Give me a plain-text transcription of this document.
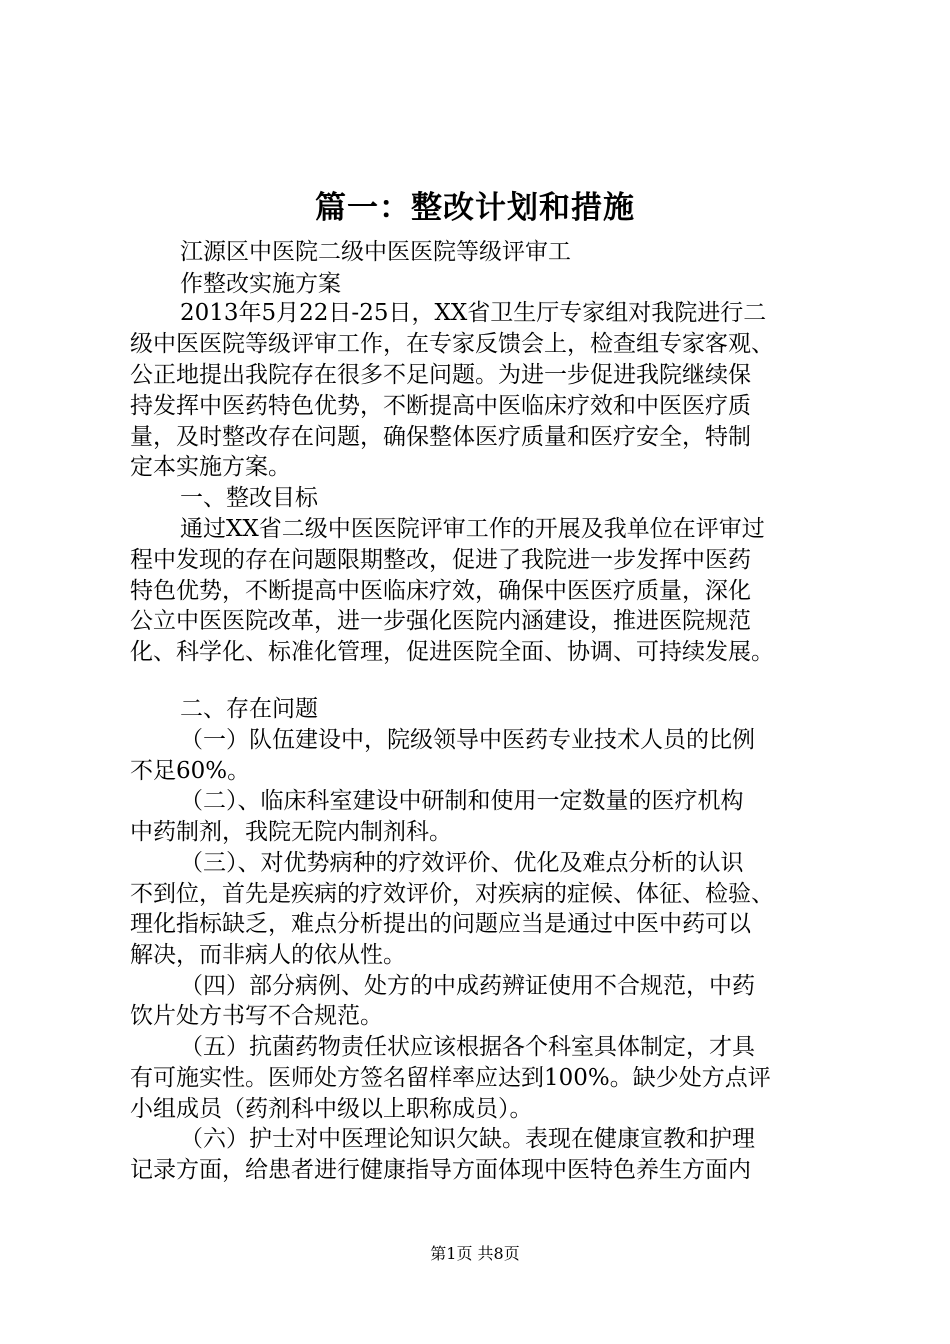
篇一：整改计划和措施

江源区中医院二级中医医院等级评审工

作整改实施方案

2013年5月22日-25日，XX省卫生厅专家组对我院进行二

级中医医院等级评审工作，在专家反馈会上，检查组专家客观、

公正地提出我院存在很多不足问题。为进一步促进我院继续保

持发挥中医药特色优势，不断提高中医临床疗效和中医医疗质

量，及时整改存在问题，确保整体医疗质量和医疗安全，特制

定本实施方案。

一、整改目标

通过XX省二级中医医院评审工作的开展及我单位在评审过

程中发现的存在问题限期整改，促进了我院进一步发挥中医药

特色优势，不断提高中医临床疗效，确保中医医疗质量，深化

公立中医医院改革，进一步强化医院内涵建设，推进医院规范

化、科学化、标准化管理，促进医院全面、协调、可持续发展。

二、存在问题

（一）队伍建设中，院级领导中医药专业技术人员的比例

不足60%。

（二）、临床科室建设中研制和使用一定数量的医疗机构

中药制剂，我院无院内制剂科。

（三）、对优势病种的疗效评价、优化及难点分析的认识

不到位，首先是疾病的疗效评价，对疾病的症候、体征、检验、

理化指标缺乏，难点分析提出的问题应当是通过中医中药可以

解决，而非病人的依从性。

（四）部分病例、处方的中成药辨证使用不合规范，中药

饮片处方书写不合规范。

（五）抗菌药物责任状应该根据各个科室具体制定，才具

有可施实性。医师处方签名留样率应达到100%。缺少处方点评

小组成员（药剂科中级以上职称成员）。

（六）护士对中医理论知识欠缺。表现在健康宣教和护理

记录方面，给患者进行健康指导方面体现中医特色养生方面内

第1页 共8页
